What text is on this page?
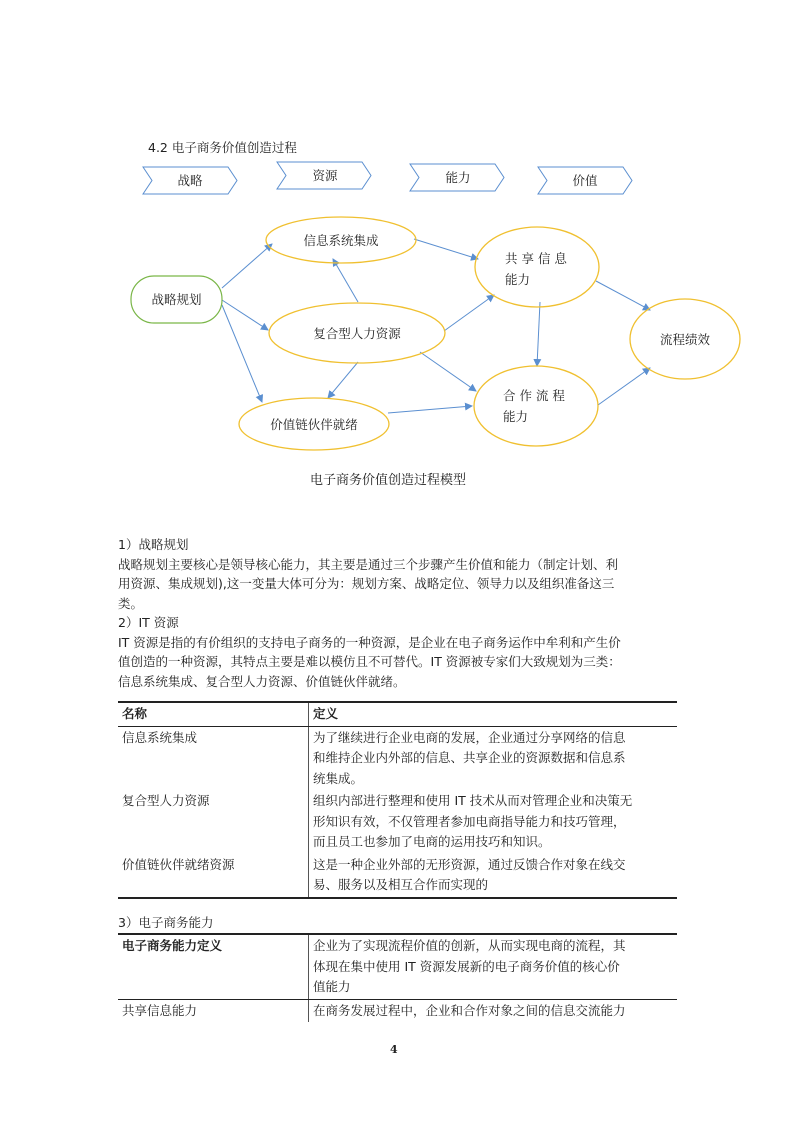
4.2 电子商务价值创造过程
战略	资源	能力	价值
战略规划
信息系统集成
复合型人力资源
价值链伙伴就绪
共 享 信 息
能力
合 作 流 程
能力
流程绩效
电子商务价值创造过程模型
1）战略规划
战略规划主要核心是领导核心能力，其主要是通过三个步骤产生价值和能力（制定计划、利
用资源、集成规划),这一变量大体可分为：规划方案、战略定位、领导力以及组织准备这三
类。
2）IT 资源
IT 资源是指的有价组织的支持电子商务的一种资源，是企业在电子商务运作中牟利和产生价
值创造的一种资源，其特点主要是难以模仿且不可替代。IT 资源被专家们大致规划为三类：
信息系统集成、复合型人力资源、价值链伙伴就绪。
名称	定义
信息系统集成	为了继续进行企业电商的发展，企业通过分享网络的信息
和维持企业内外部的信息、共享企业的资源数据和信息系
统集成。

复合型人力资源	组织内部进行整理和使用 IT 技术从而对管理企业和决策无
形知识有效，不仅管理者参加电商指导能力和技巧管理，
而且员工也参加了电商的运用技巧和知识。

价值链伙伴就绪资源	这是一种企业外部的无形资源，通过反馈合作对象在线交
易、服务以及相互合作而实现的
3）电子商务能力
电子商务能力定义	企业为了实现流程价值的创新，从而实现电商的流程，其
体现在集中使用 IT 资源发展新的电子商务价值的核心价
值能力

共享信息能力	在商务发展过程中，企业和合作对象之间的信息交流能力
4
